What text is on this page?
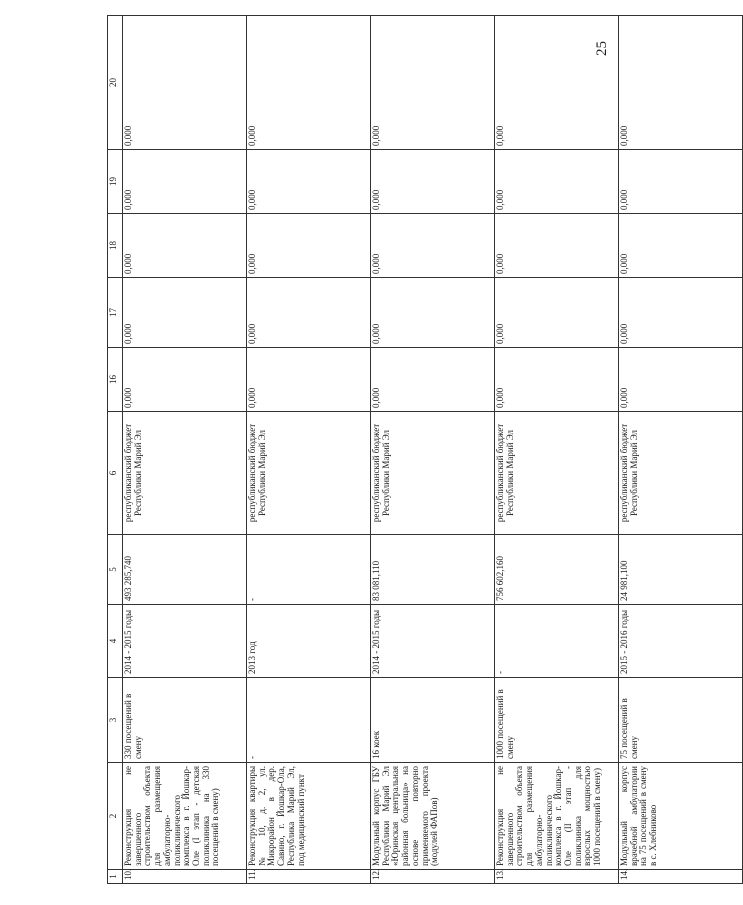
25
1	2	3	4	5	6	16	17	18	19	20
10.	Реконструкция не завершенного строительством объекта для размещения амбулаторно-поликлинического комплекса в г. Йошкар-Оле (I этап - детская поликлиника на 330 посещений в смену)	330 посещений в смену	2014 - 2015 годы	493 285,740	республиканский бюджет Республики Марий Эл	0,000	0,000	0,000	0,000	0,000
11.	Реконструкция квартиры № 10, д. 2, ул. Микрорайон в дер. Савино, г. Йошкар-Ола, Республика Марий Эл, под медицинский пункт	-	2013 год	-	республиканский бюджет Республики Марий Эл	0,000	0,000	0,000	0,000	0,000
12.	Модульный корпус ГБУ Республики Марий Эл «Юринская центральная районная больница» на основе повторно применяемого проекта (модулей ФАПов)	16 коек	2014 - 2015 годы	83 081,110	республиканский бюджет Республики Марий Эл	0,000	0,000	0,000	0,000	0,000
13.	Реконструкция не завершенного строительством объекта для размещения амбулаторно-поликлинического комплекса в г. Йошкар-Оле (II этап - поликлиника для взрослых мощностью 1000 посещений в смену)	1000 посещений в смену	-	756 602,160	республиканский бюджет Республики Марий Эл	0,000	0,000	0,000	0,000	0,000
14.	Модульный корпус врачебной амбулатории на 75 посещений в смену в с. Хлебниково	75 посещений в смену	2015 - 2016 годы	24 981,100	республиканский бюджет Республики Марий Эл	0,000	0,000	0,000	0,000	0,000
